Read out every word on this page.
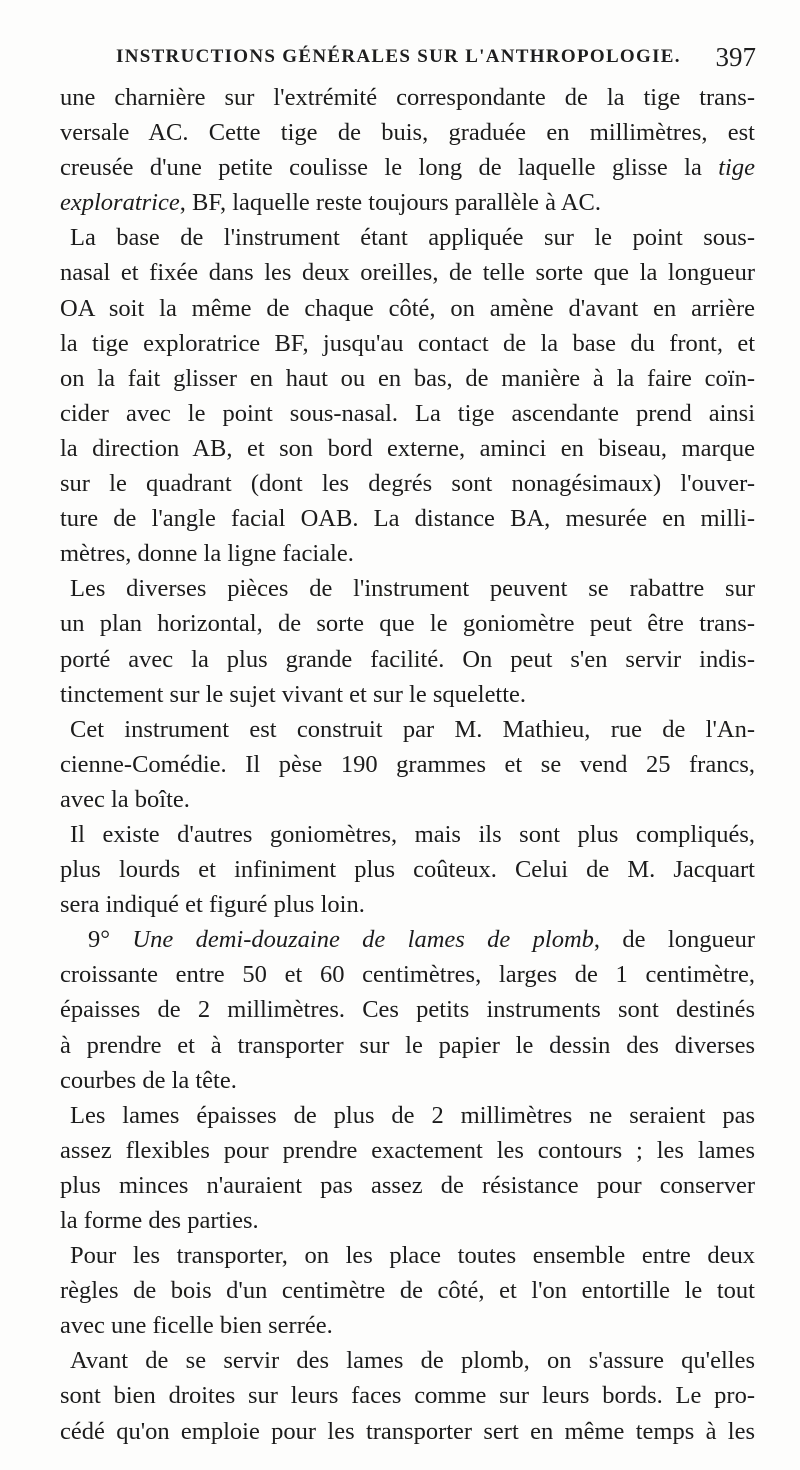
INSTRUCTIONS GÉNÉRALES SUR L'ANTHROPOLOGIE. 397
une charnière sur l'extrémité correspondante de la tige trans-
versale AC. Cette tige de buis, graduée en millimètres, est
creusée d'une petite coulisse le long de laquelle glisse la tige
exploratrice, BF, laquelle reste toujours parallèle à AC.
La base de l'instrument étant appliquée sur le point sous-
nasal et fixée dans les deux oreilles, de telle sorte que la longueur
OA soit la même de chaque côté, on amène d'avant en arrière
la tige exploratrice BF, jusqu'au contact de la base du front, et
on la fait glisser en haut ou en bas, de manière à la faire coïn-
cider avec le point sous-nasal. La tige ascendante prend ainsi
la direction AB, et son bord externe, aminci en biseau, marque
sur le quadrant (dont les degrés sont nonagésimaux) l'ouver-
ture de l'angle facial OAB. La distance BA, mesurée en milli-
mètres, donne la ligne faciale.
Les diverses pièces de l'instrument peuvent se rabattre sur
un plan horizontal, de sorte que le goniomètre peut être trans-
porté avec la plus grande facilité. On peut s'en servir indis-
tinctement sur le sujet vivant et sur le squelette.
Cet instrument est construit par M. Mathieu, rue de l'An-
cienne-Comédie. Il pèse 190 grammes et se vend 25 francs,
avec la boîte.
Il existe d'autres goniomètres, mais ils sont plus compliqués,
plus lourds et infiniment plus coûteux. Celui de M. Jacquart
sera indiqué et figuré plus loin.
9° Une demi-douzaine de lames de plomb, de longueur
croissante entre 50 et 60 centimètres, larges de 1 centimètre,
épaisses de 2 millimètres. Ces petits instruments sont destinés
à prendre et à transporter sur le papier le dessin des diverses
courbes de la tête.
Les lames épaisses de plus de 2 millimètres ne seraient pas
assez flexibles pour prendre exactement les contours ; les lames
plus minces n'auraient pas assez de résistance pour conserver
la forme des parties.
Pour les transporter, on les place toutes ensemble entre deux
règles de bois d'un centimètre de côté, et l'on entortille le tout
avec une ficelle bien serrée.
Avant de se servir des lames de plomb, on s'assure qu'elles
sont bien droites sur leurs faces comme sur leurs bords. Le pro-
cédé qu'on emploie pour les transporter sert en même temps à les
